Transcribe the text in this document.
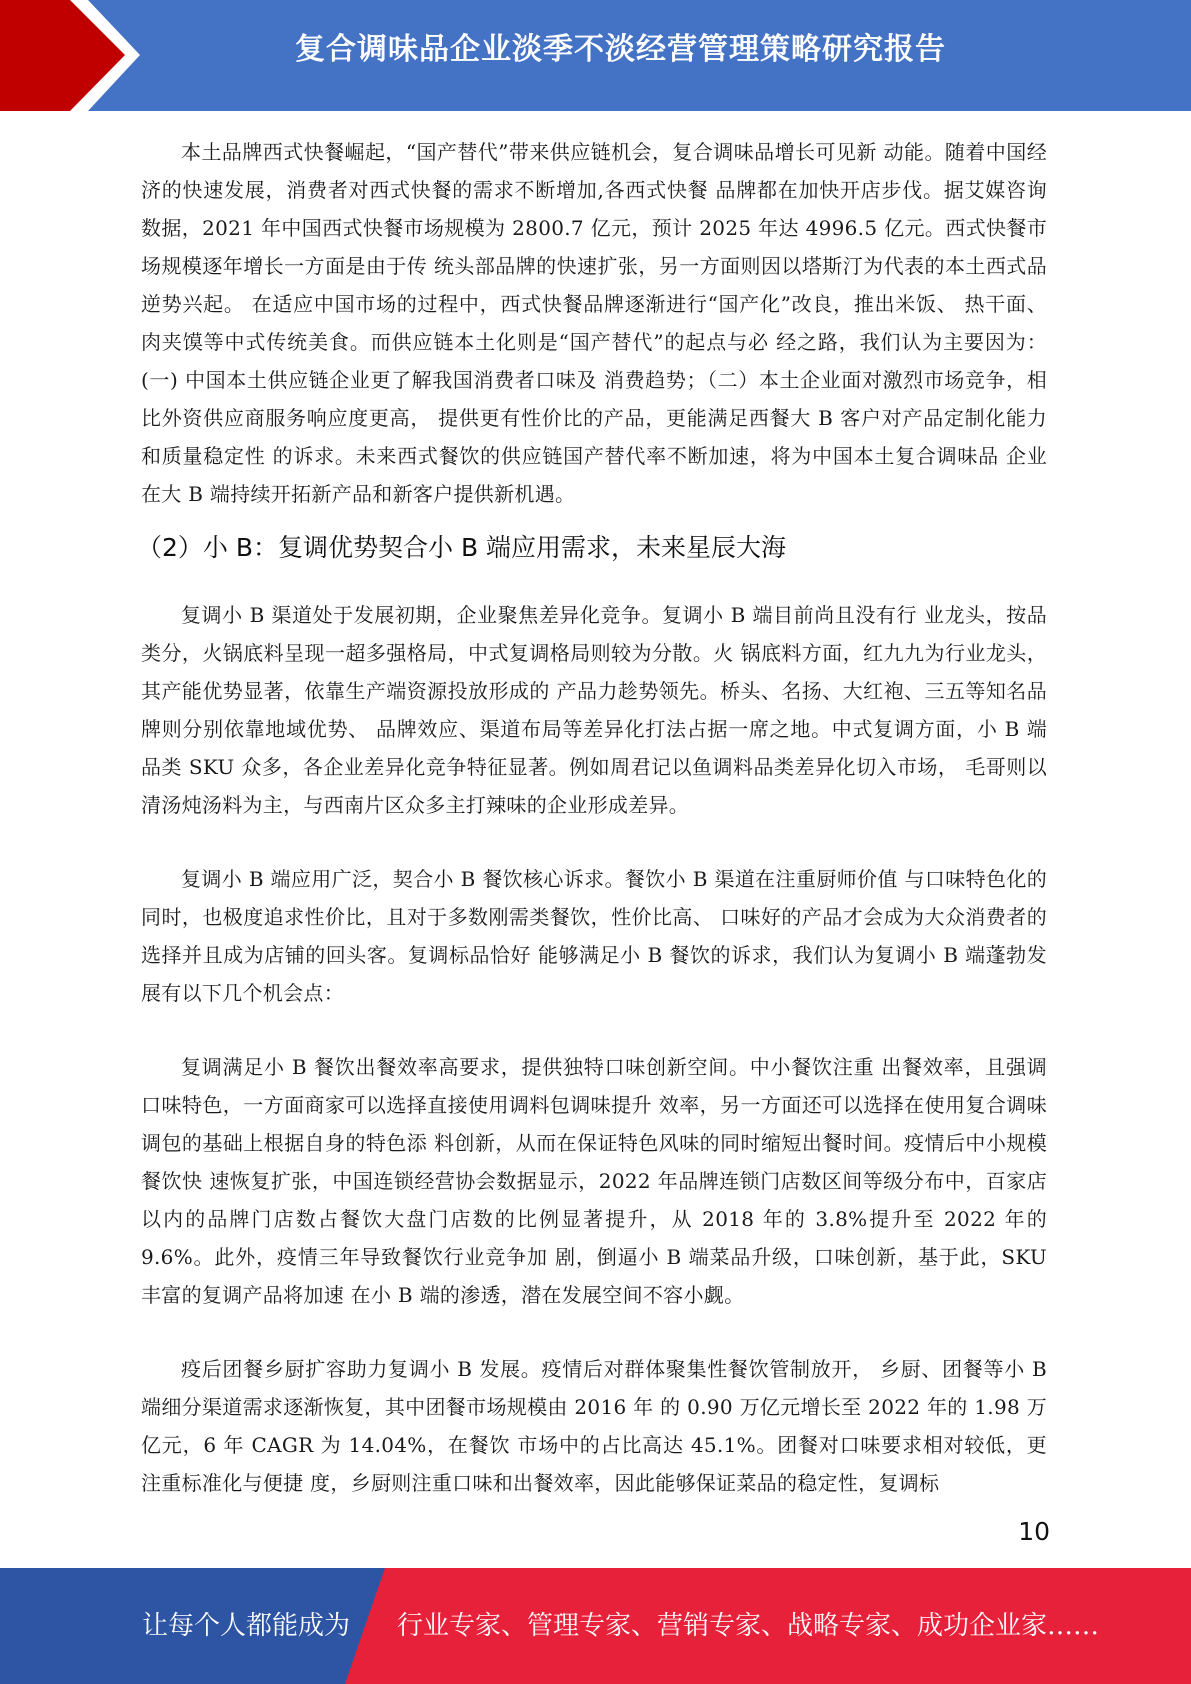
复合调味品企业淡季不淡经营管理策略研究报告

本土品牌西式快餐崛起，“国产替代”带来供应链机会，复合调味品增长可见新 动能。随着中国经济的快速发展，消费者对西式快餐的需求不断增加,各西式快餐 品牌都在加快开店步伐。据艾媒咨询数据，2021 年中国西式快餐市场规模为 2800.7 亿元，预计 2025 年达 4996.5 亿元。西式快餐市场规模逐年增长一方面是由于传 统头部品牌的快速扩张，另一方面则因以塔斯汀为代表的本土西式品逆势兴起。 在适应中国市场的过程中，西式快餐品牌逐渐进行“国产化”改良，推出米饭、 热干面、肉夹馍等中式传统美食。而供应链本土化则是“国产替代”的起点与必 经之路，我们认为主要因为：(一) 中国本土供应链企业更了解我国消费者口味及 消费趋势；（二）本土企业面对激烈市场竞争，相比外资供应商服务响应度更高， 提供更有性价比的产品，更能满足西餐大 B 客户对产品定制化能力和质量稳定性 的诉求。未来西式餐饮的供应链国产替代率不断加速，将为中国本土复合调味品 企业在大 B 端持续开拓新产品和新客户提供新机遇。

（2）小 B：复调优势契合小 B 端应用需求，未来星辰大海

复调小 B 渠道处于发展初期，企业聚焦差异化竞争。复调小 B 端目前尚且没有行 业龙头，按品类分，火锅底料呈现一超多强格局，中式复调格局则较为分散。火 锅底料方面，红九九为行业龙头，其产能优势显著，依靠生产端资源投放形成的 产品力趁势领先。桥头、名扬、大红袍、三五等知名品牌则分别依靠地域优势、 品牌效应、渠道布局等差异化打法占据一席之地。中式复调方面，小 B 端品类 SKU 众多，各企业差异化竞争特征显著。例如周君记以鱼调料品类差异化切入市场， 毛哥则以清汤炖汤料为主，与西南片区众多主打辣味的企业形成差异。

复调小 B 端应用广泛，契合小 B 餐饮核心诉求。餐饮小 B 渠道在注重厨师价值 与口味特色化的同时，也极度追求性价比，且对于多数刚需类餐饮，性价比高、 口味好的产品才会成为大众消费者的选择并且成为店铺的回头客。复调标品恰好 能够满足小 B 餐饮的诉求，我们认为复调小 B 端蓬勃发展有以下几个机会点：

复调满足小 B 餐饮出餐效率高要求，提供独特口味创新空间。中小餐饮注重 出餐效率，且强调口味特色，一方面商家可以选择直接使用调料包调味提升 效率，另一方面还可以选择在使用复合调味调包的基础上根据自身的特色添 料创新，从而在保证特色风味的同时缩短出餐时间。疫情后中小规模餐饮快 速恢复扩张，中国连锁经营协会数据显示，2022 年品牌连锁门店数区间等级分布中，百家店以内的品牌门店数占餐饮大盘门店数的比例显著提升，从 2018 年的 3.8%提升至 2022 年的 9.6%。此外，疫情三年导致餐饮行业竞争加 剧，倒逼小 B 端菜品升级，口味创新，基于此，SKU 丰富的复调产品将加速 在小 B 端的渗透，潜在发展空间不容小觑。

疫后团餐乡厨扩容助力复调小 B 发展。疫情后对群体聚集性餐饮管制放开， 乡厨、团餐等小 B 端细分渠道需求逐渐恢复，其中团餐市场规模由 2016 年 的 0.90 万亿元增长至 2022 年的 1.98 万亿元，6 年 CAGR 为 14.04%，在餐饮 市场中的占比高达 45.1%。团餐对口味要求相对较低，更注重标准化与便捷 度，乡厨则注重口味和出餐效率，因此能够保证菜品的稳定性，复调标

10
让每个人都能成为 行业专家、管理专家、营销专家、战略专家、成功企业家……
